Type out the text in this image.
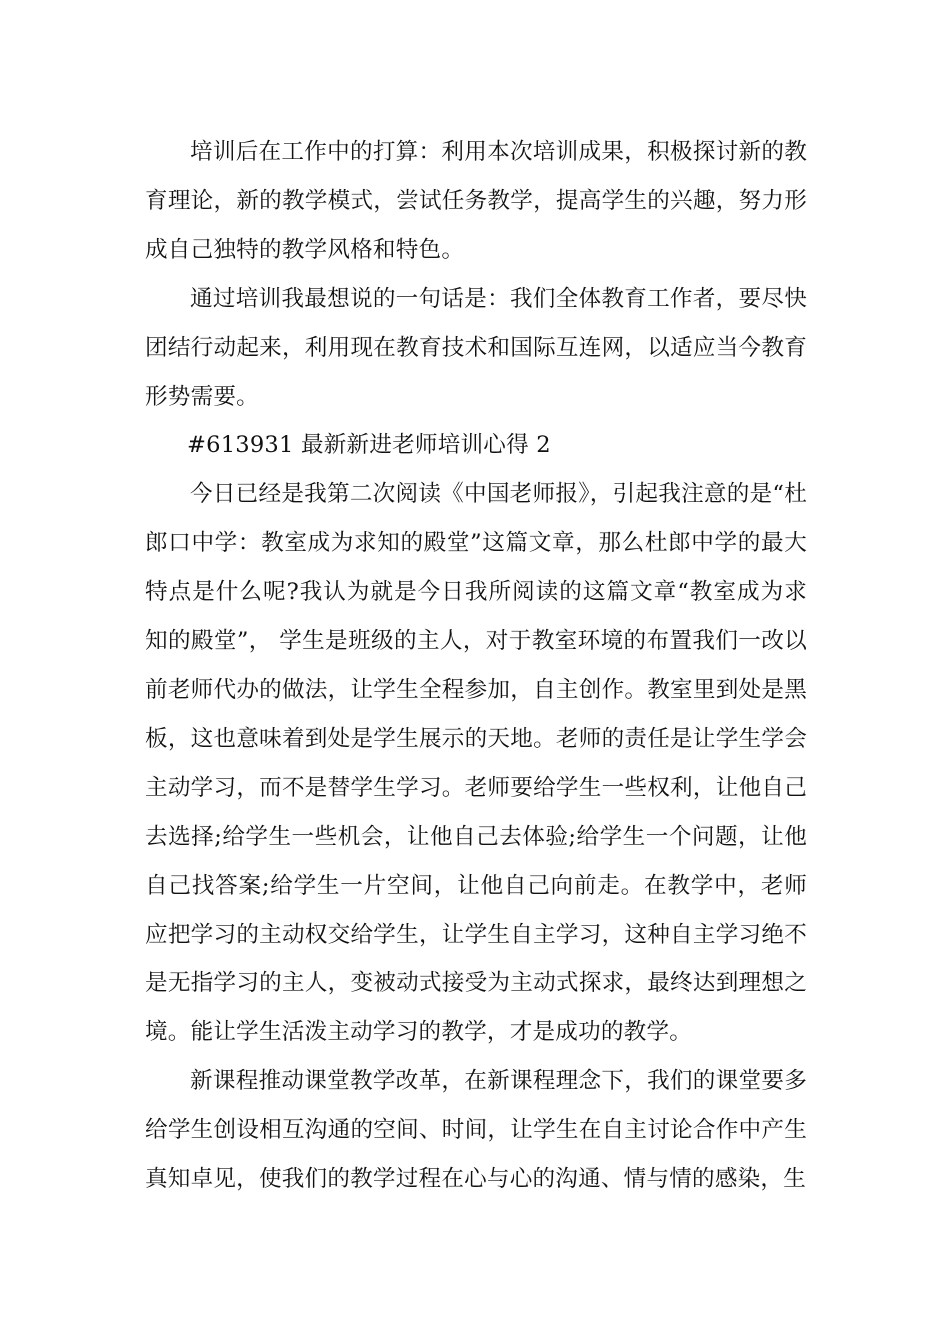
培训后在工作中的打算：利用本次培训成果，积极探讨新的教育理论，新的教学模式，尝试任务教学，提高学生的兴趣，努力形成自己独特的教学风格和特色。

通过培训我最想说的一句话是：我们全体教育工作者，要尽快团结行动起来，利用现在教育技术和国际互连网，以适应当今教育形势需要。

#613931 最新新进老师培训心得 2

今日已经是我第二次阅读《中国老师报》，引起我注意的是“杜郎口中学：教室成为求知的殿堂”这篇文章，那么杜郎中学的最大特点是什么呢?我认为就是今日我所阅读的这篇文章“教室成为求知的殿堂”， 学生是班级的主人，对于教室环境的布置我们一改以前老师代办的做法，让学生全程参加，自主创作。教室里到处是黑板，这也意味着到处是学生展示的天地。老师的责任是让学生学会主动学习，而不是替学生学习。老师要给学生一些权利，让他自己去选择;给学生一些机会，让他自己去体验;给学生一个问题，让他自己找答案;给学生一片空间，让他自己向前走。在教学中，老师应把学习的主动权交给学生，让学生自主学习，这种自主学习绝不是无指学习的主人，变被动式接受为主动式探求，最终达到理想之境。能让学生活泼主动学习的教学，才是成功的教学。

新课程推动课堂教学改革，在新课程理念下，我们的课堂要多给学生创设相互沟通的空间、时间，让学生在自主讨论合作中产生真知卓见，使我们的教学过程在心与心的沟通、情与情的感染，生
